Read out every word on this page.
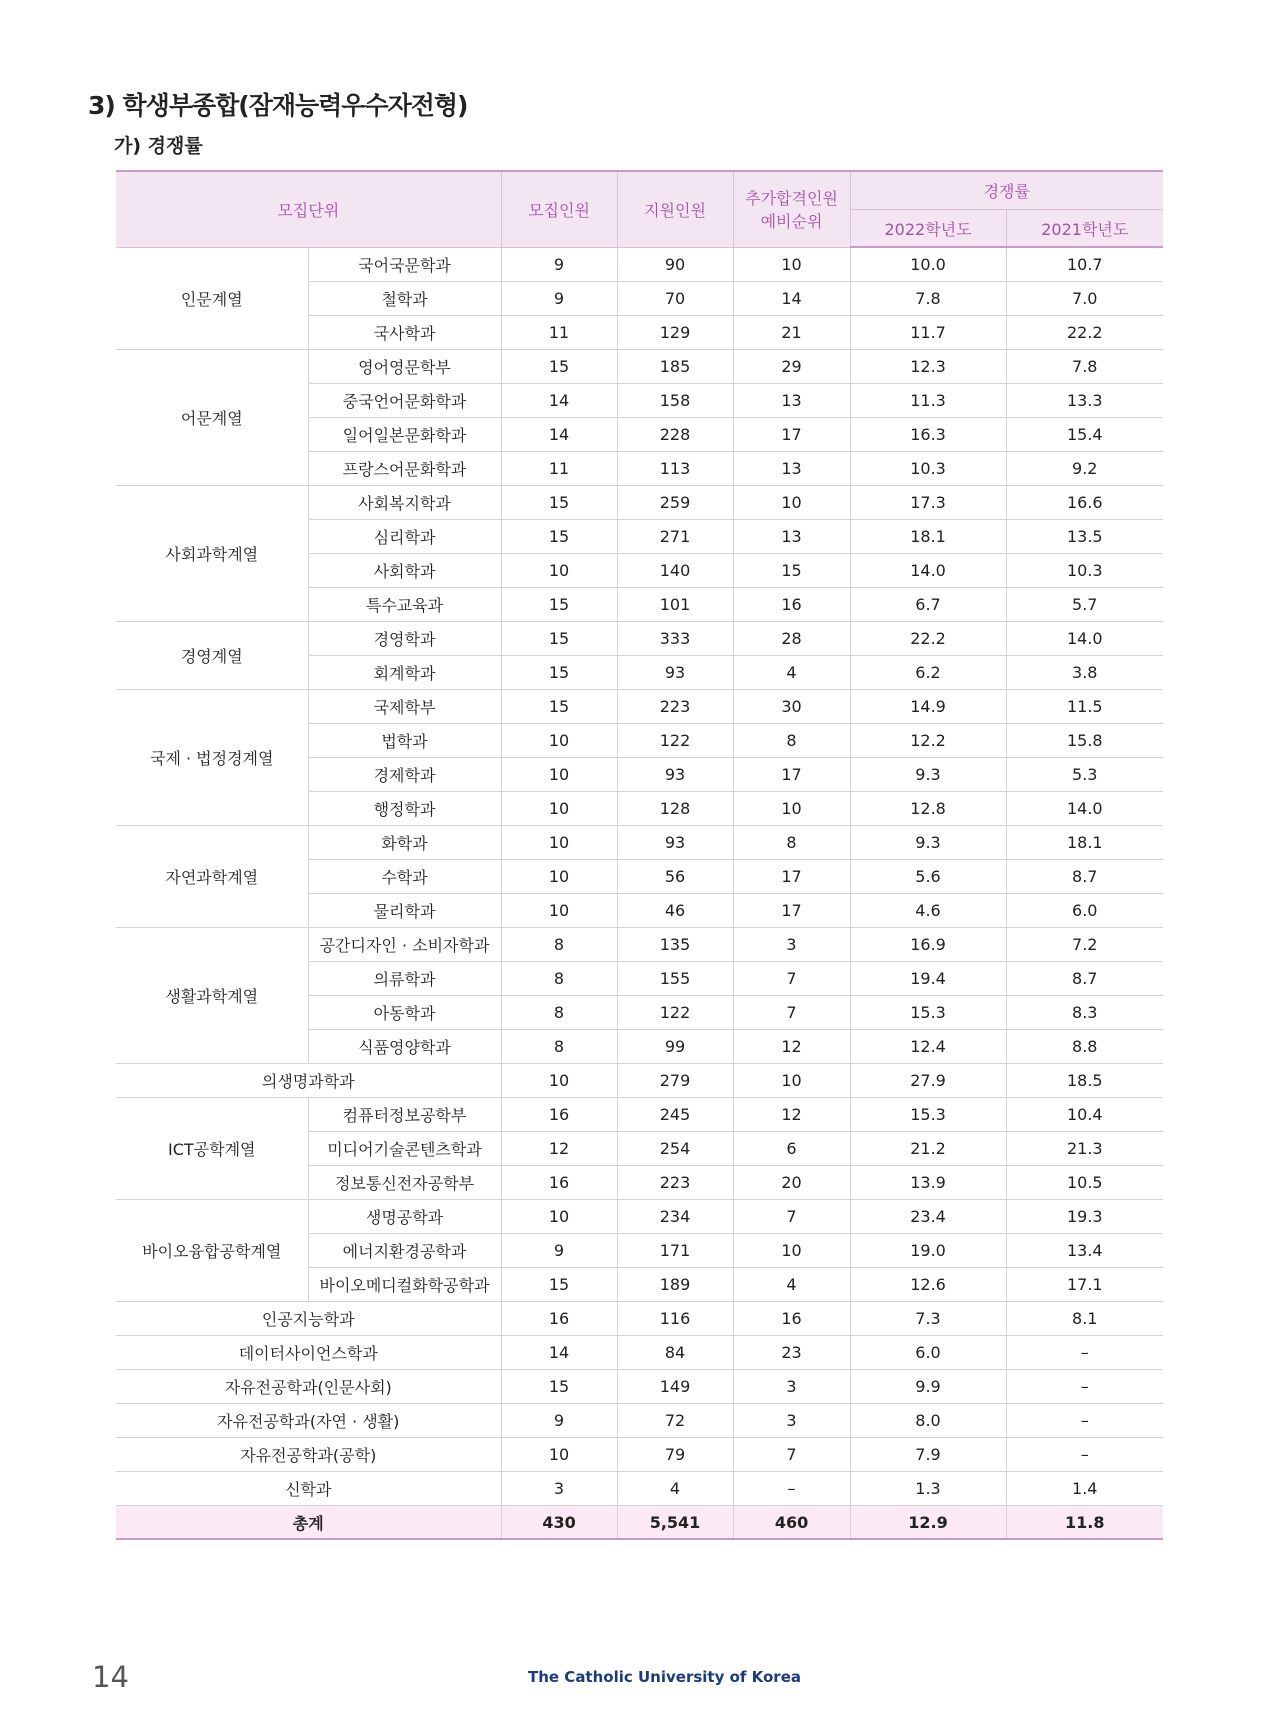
3) 학생부종합(잠재능력우수자전형)
가) 경쟁률
모집단위		모집인원	지원인원	추가합격인원
예비순위	경쟁률	
					2022학년도	2021학년도
인문계열	국어국문학과	9	90	10	10.0	10.7
	철학과	9	70	14	7.8	7.0
	국사학과	11	129	21	11.7	22.2
어문계열	영어영문학부	15	185	29	12.3	7.8
	중국언어문화학과	14	158	13	11.3	13.3
	일어일본문화학과	14	228	17	16.3	15.4
	프랑스어문화학과	11	113	13	10.3	9.2
사회과학계열	사회복지학과	15	259	10	17.3	16.6
	심리학과	15	271	13	18.1	13.5
	사회학과	10	140	15	14.0	10.3
	특수교육과	15	101	16	6.7	5.7
경영계열	경영학과	15	333	28	22.2	14.0
	회계학과	15	93	4	6.2	3.8
국제 · 법정경계열	국제학부	15	223	30	14.9	11.5
	법학과	10	122	8	12.2	15.8
	경제학과	10	93	17	9.3	5.3
	행정학과	10	128	10	12.8	14.0
자연과학계열	화학과	10	93	8	9.3	18.1
	수학과	10	56	17	5.6	8.7
	물리학과	10	46	17	4.6	6.0
생활과학계열	공간디자인 · 소비자학과	8	135	3	16.9	7.2
	의류학과	8	155	7	19.4	8.7
	아동학과	8	122	7	15.3	8.3
	식품영양학과	8	99	12	12.4	8.8
의생명과학과		10	279	10	27.9	18.5
ICT공학계열	컴퓨터정보공학부	16	245	12	15.3	10.4
	미디어기술콘텐츠학과	12	254	6	21.2	21.3
	정보통신전자공학부	16	223	20	13.9	10.5
바이오융합공학계열	생명공학과	10	234	7	23.4	19.3
	에너지환경공학과	9	171	10	19.0	13.4
	바이오메디컬화학공학과	15	189	4	12.6	17.1
인공지능학과		16	116	16	7.3	8.1
데이터사이언스학과		14	84	23	6.0	–
자유전공학과(인문사회)		15	149	3	9.9	–
자유전공학과(자연 · 생활)		9	72	3	8.0	–
자유전공학과(공학)		10	79	7	7.9	–
신학과		3	4	–	1.3	1.4
총계		430	5,541	460	12.9	11.8

14	The Catholic University of Korea
